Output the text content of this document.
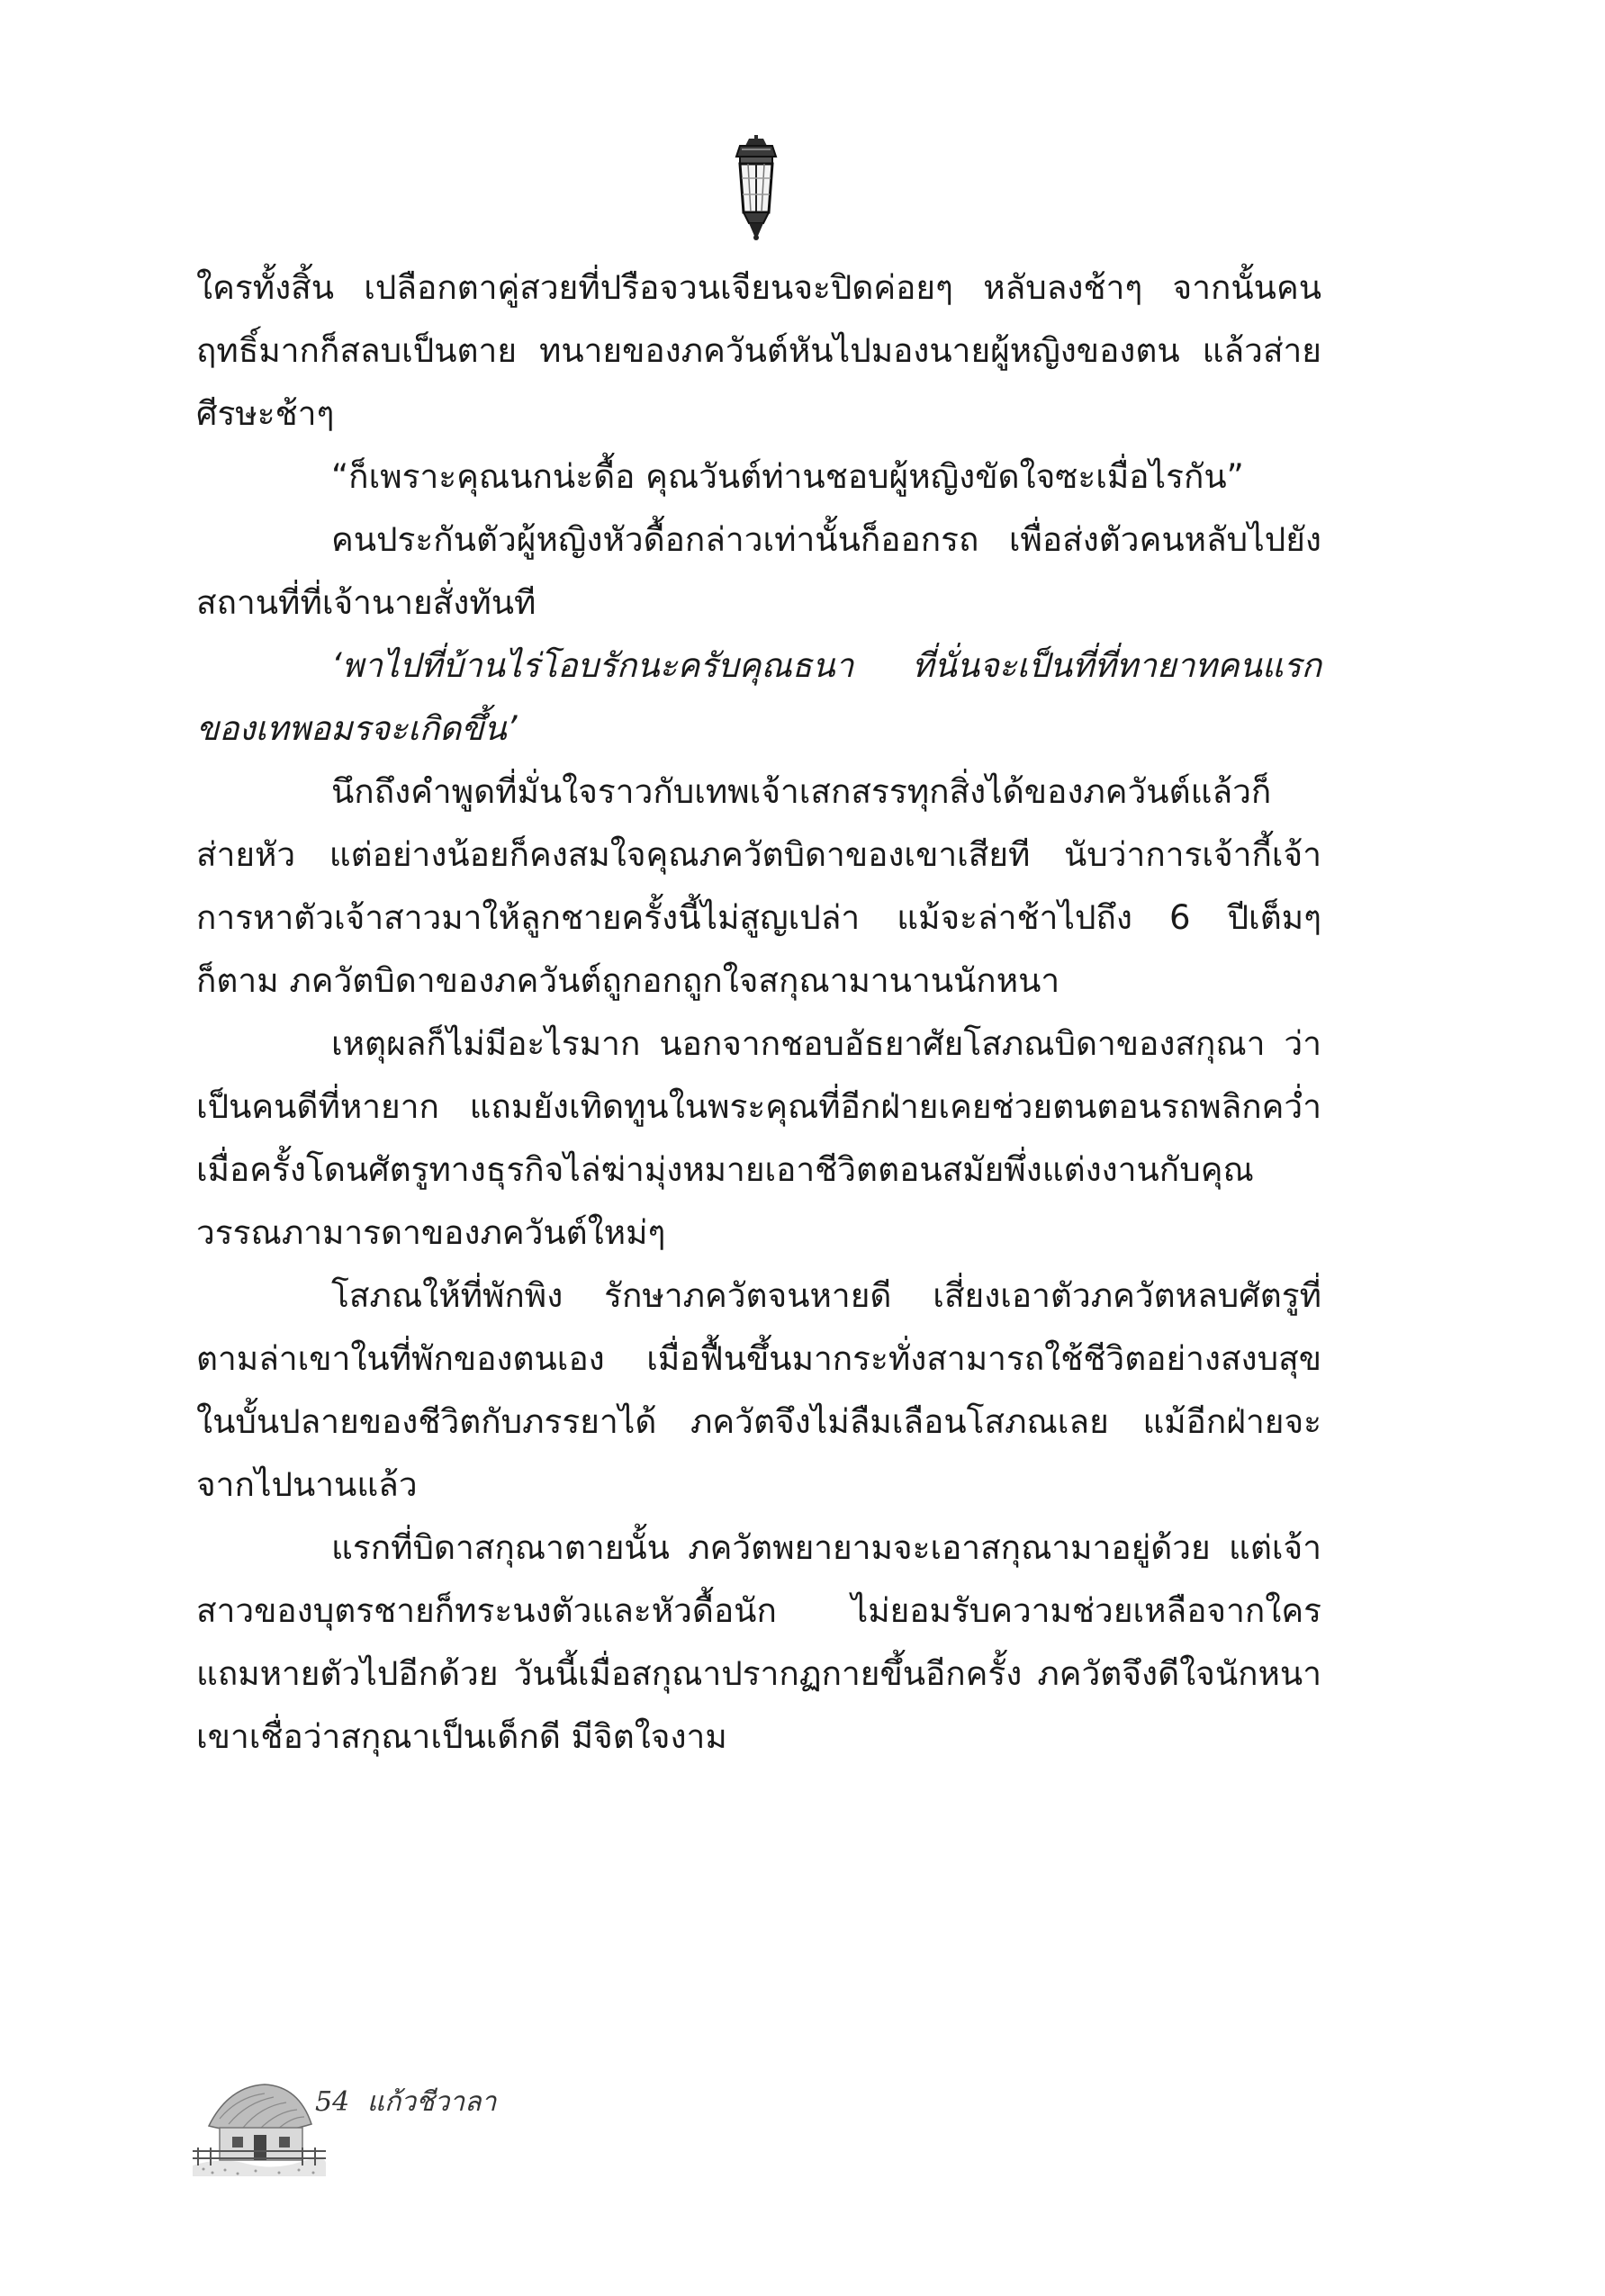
ใครทั้งสิ้น เปลือกตาคู่สวยที่ปรือจวนเจียนจะปิดค่อยๆ หลับลงช้าๆ จากนั้นคนฤทธิ์มากก็สลบเป็นตาย ทนายของภควันต์หันไปมองนายผู้หญิงของตน แล้วส่ายศีรษะช้าๆ

“ก็เพราะคุณนกน่ะดื้อ คุณวันต์ท่านชอบผู้หญิงขัดใจซะเมื่อไรกัน”

คนประกันตัวผู้หญิงหัวดื้อกล่าวเท่านั้นก็ออกรถ เพื่อส่งตัวคนหลับไปยังสถานที่ที่เจ้านายสั่งทันที

‘พาไปที่บ้านไร่โอบรักนะครับคุณธนา ที่นั่นจะเป็นที่ที่ทายาทคนแรกของเทพอมรจะเกิดขึ้น’

นึกถึงคำพูดที่มั่นใจราวกับเทพเจ้าเสกสรรทุกสิ่งได้ของภควันต์แล้วก็ส่ายหัว แต่อย่างน้อยก็คงสมใจคุณภควัตบิดาของเขาเสียที นับว่าการเจ้ากี้เจ้าการหาตัวเจ้าสาวมาให้ลูกชายครั้งนี้ไม่สูญเปล่า แม้จะล่าช้าไปถึง 6 ปีเต็มๆ ก็ตาม ภควัตบิดาของภควันต์ถูกอกถูกใจสกุณามานานนักหนา

เหตุผลก็ไม่มีอะไรมาก นอกจากชอบอัธยาศัยโสภณบิดาของสกุณา ว่าเป็นคนดีที่หายาก แถมยังเทิดทูนในพระคุณที่อีกฝ่ายเคยช่วยตนตอนรถพลิกคว่ำ เมื่อครั้งโดนศัตรูทางธุรกิจไล่ฆ่ามุ่งหมายเอาชีวิตตอนสมัยพึ่งแต่งงานกับคุณวรรณภามารดาของภควันต์ใหม่ๆ

โสภณให้ที่พักพิง รักษาภควัตจนหายดี เสี่ยงเอาตัวภควัตหลบศัตรูที่ตามล่าเขาในที่พักของตนเอง เมื่อฟื้นขึ้นมากระทั่งสามารถใช้ชีวิตอย่างสงบสุขในบั้นปลายของชีวิตกับภรรยาได้ ภควัตจึงไม่ลืมเลือนโสภณเลย แม้อีกฝ่ายจะจากไปนานแล้ว

แรกที่บิดาสกุณาตายนั้น ภควัตพยายามจะเอาสกุณามาอยู่ด้วย แต่เจ้าสาวของบุตรชายก็ทระนงตัวและหัวดื้อนัก ไม่ยอมรับความช่วยเหลือจากใคร แถมหายตัวไปอีกด้วย วันนี้เมื่อสกุณาปรากฏกายขึ้นอีกครั้ง ภควัตจึงดีใจนักหนา เขาเชื่อว่าสกุณาเป็นเด็กดี มีจิตใจงาม

54 แก้วชีวาลา
